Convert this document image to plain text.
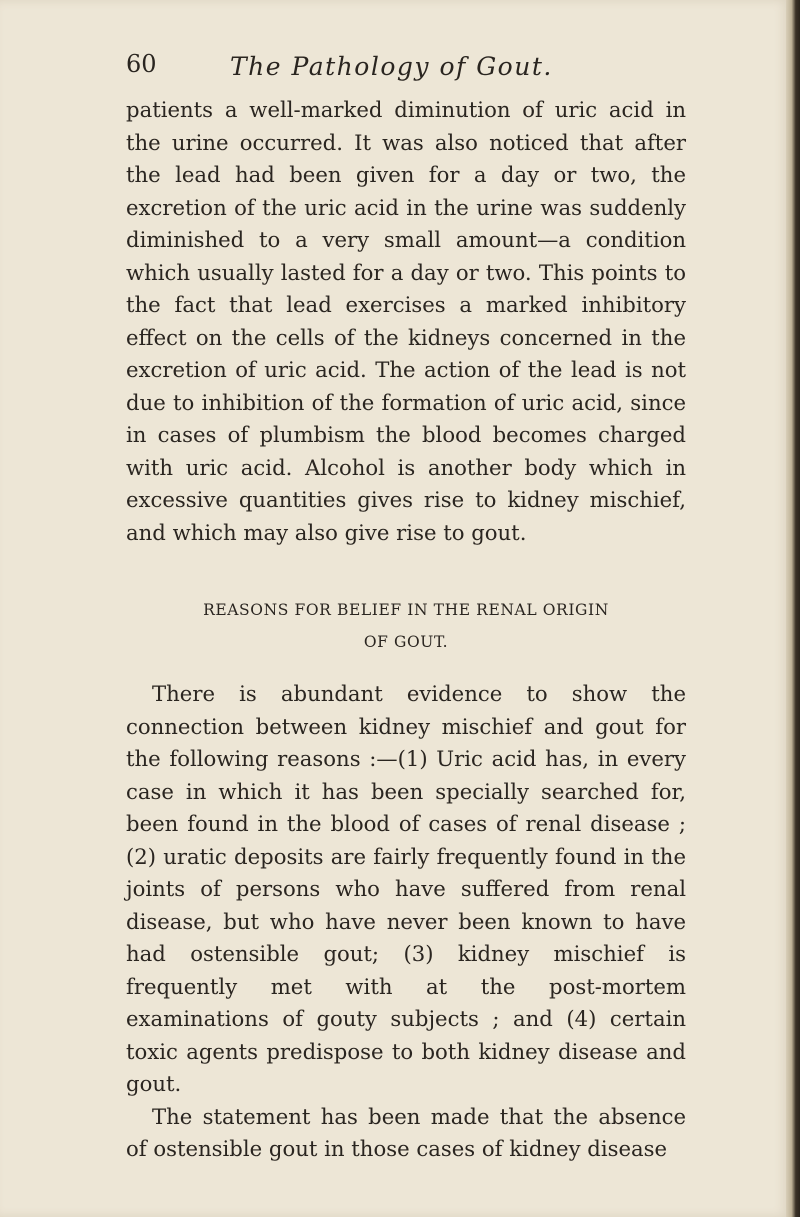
60	The Pathology of Gout.
patients a well-marked diminution of uric acid in the urine occurred. It was also noticed that after the lead had been given for a day or two, the excretion of the uric acid in the urine was suddenly diminished to a very small amount—a condition which usually lasted for a day or two. This points to the fact that lead exercises a marked inhibitory effect on the cells of the kidneys concerned in the excretion of uric acid. The action of the lead is not due to inhibition of the formation of uric acid, since in cases of plumbism the blood becomes charged with uric acid. Alcohol is another body which in excessive quantities gives rise to kidney mischief, and which may also give rise to gout.
REASONS FOR BELIEF IN THE RENAL ORIGIN
OF GOUT.

There is abundant evidence to show the connection between kidney mischief and gout for the following reasons :—(1) Uric acid has, in every case in which it has been specially searched for, been found in the blood of cases of renal disease ; (2) uratic deposits are fairly frequently found in the joints of persons who have suffered from renal disease, but who have never been known to have had ostensible gout; (3) kidney mischief is frequently met with at the post-mortem examinations of gouty subjects ; and (4) certain toxic agents predispose to both kidney disease and gout.

The statement has been made that the absence of ostensible gout in those cases of kidney disease
